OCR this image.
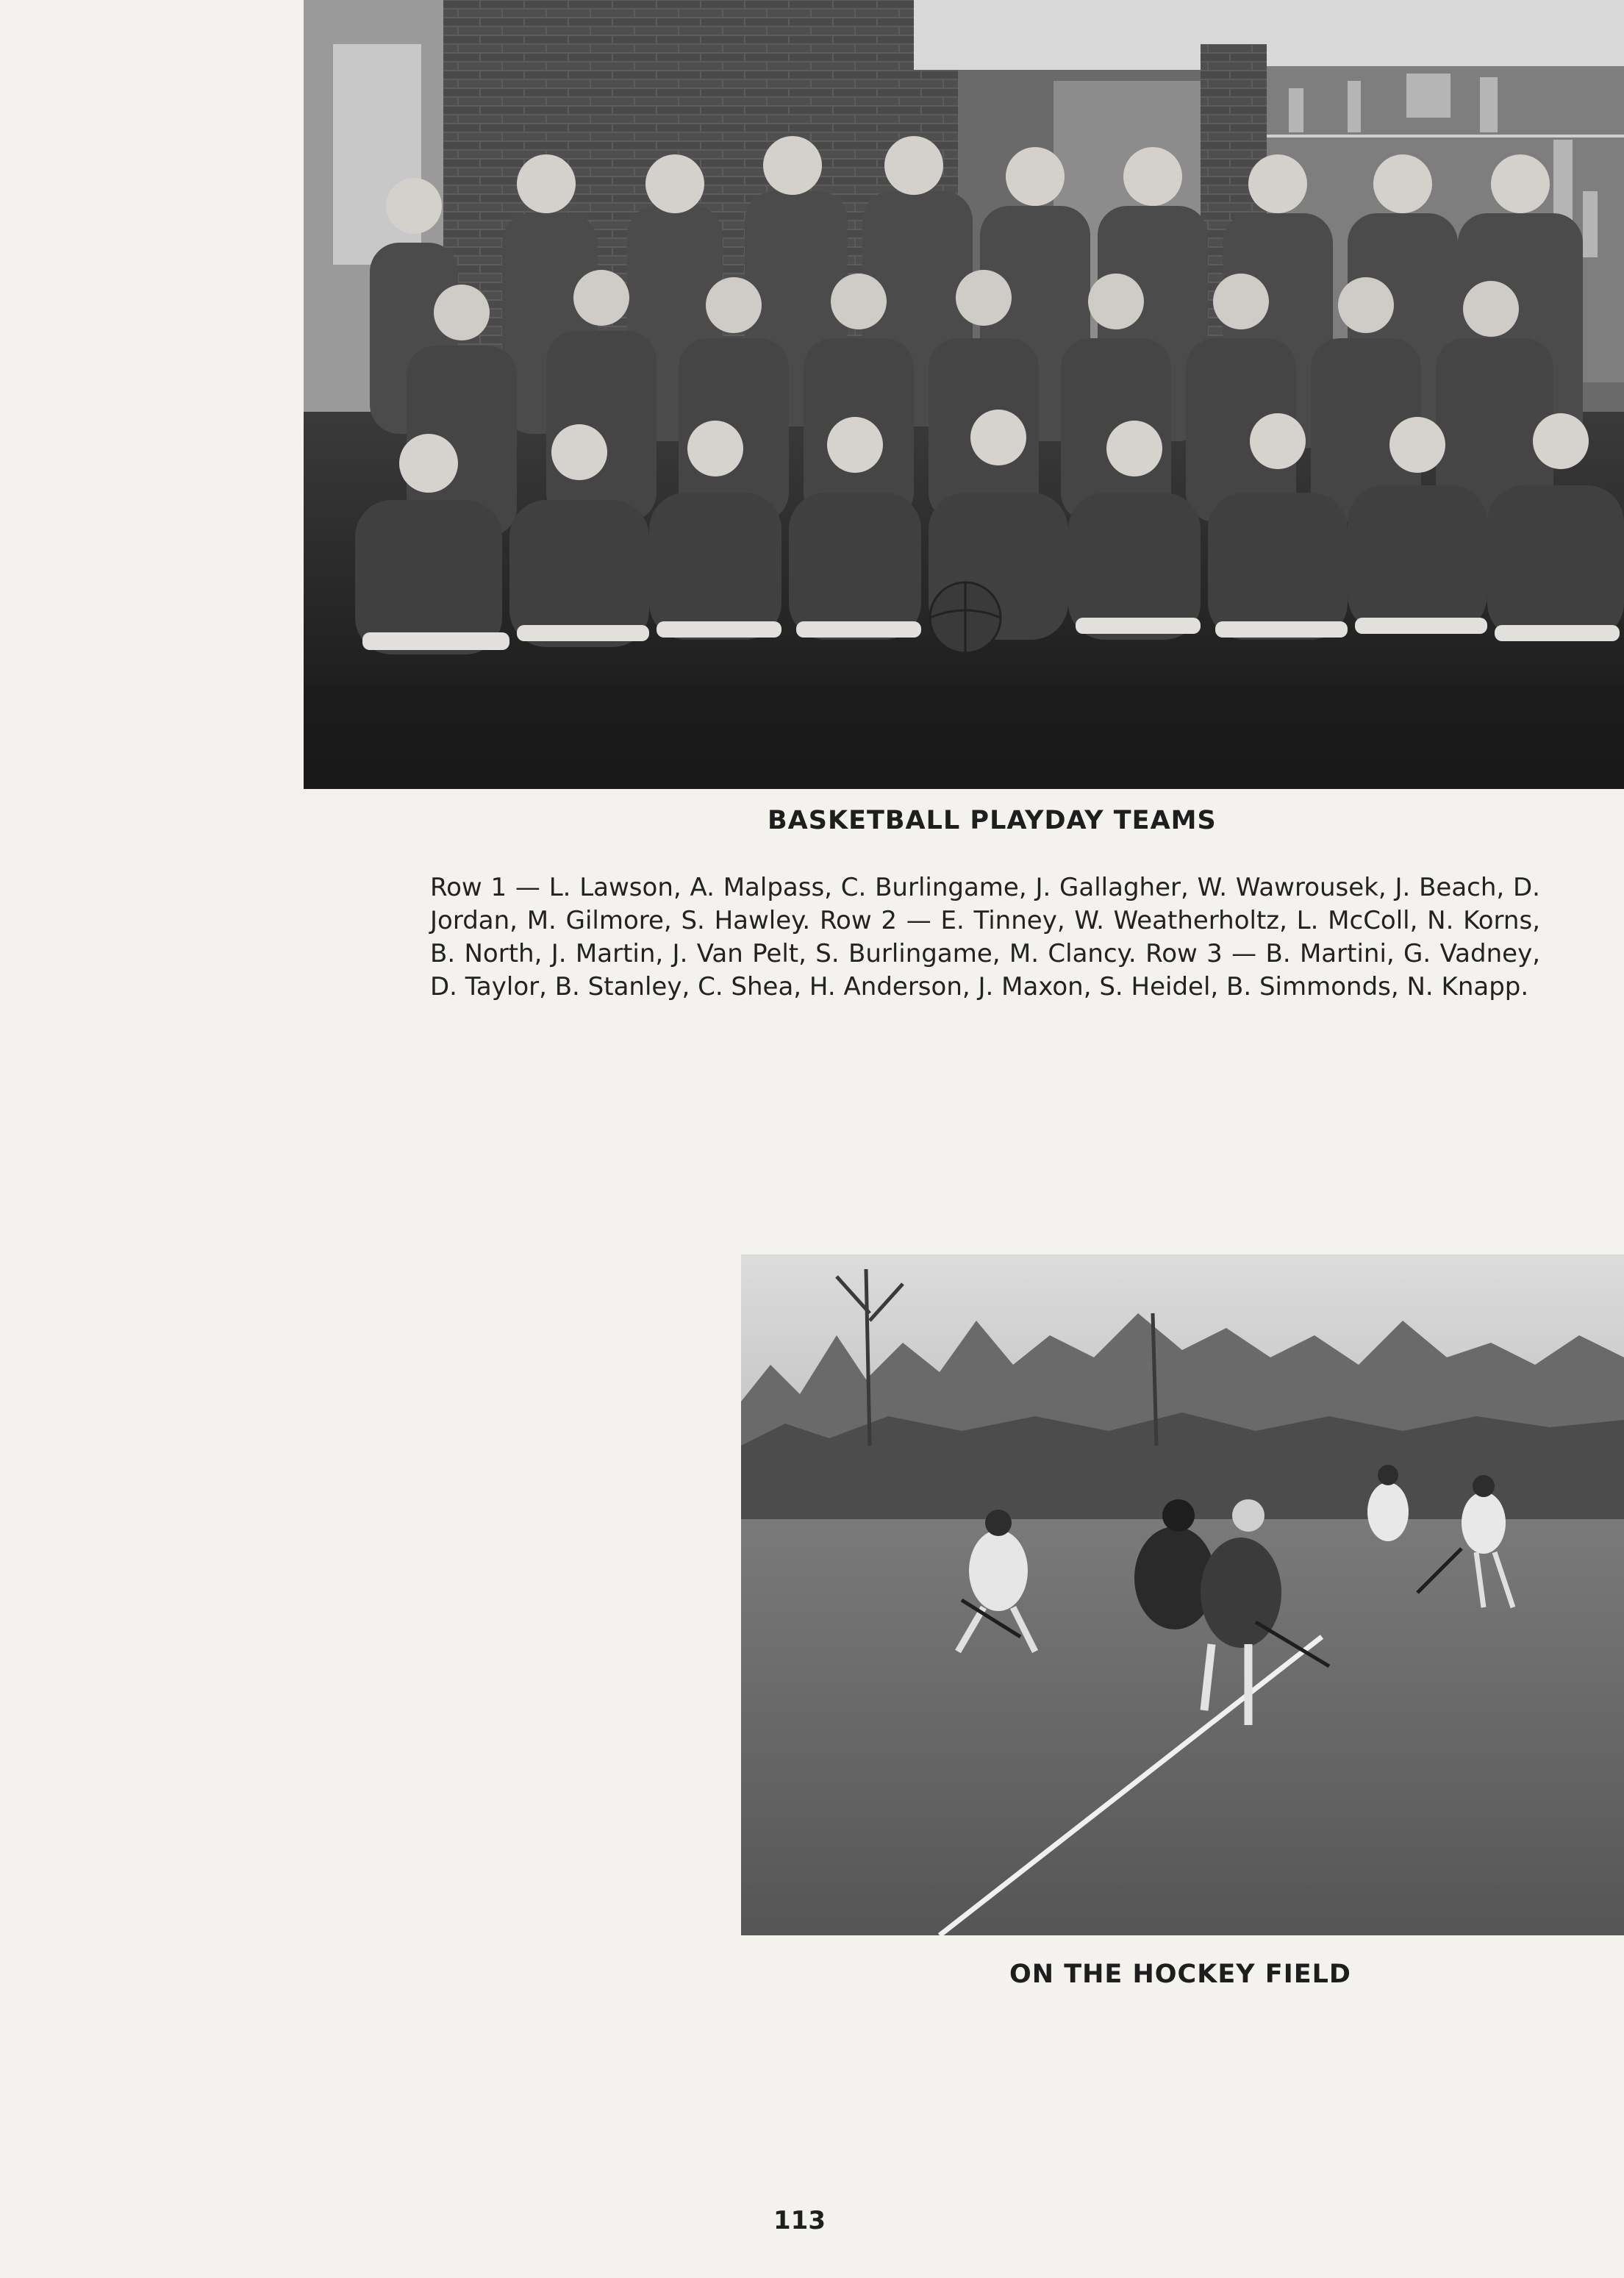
BASKETBALL PLAYDAY TEAMS

Row 1 — L. Lawson, A. Malpass, C. Burlingame, J. Gallagher, W. Wawrousek, J. Beach, D. Jordan, M. Gilmore, S. Hawley. Row 2 — E. Tinney, W. Weatherholtz, L. McColl, N. Korns, B. North, J. Martin, J. Van Pelt, S. Burlingame, M. Clancy. Row 3 — B. Martini, G. Vadney, D. Taylor, B. Stanley, C. Shea, H. Anderson, J. Maxon, S. Heidel, B. Simmonds, N. Knapp.

ON THE HOCKEY FIELD
113
